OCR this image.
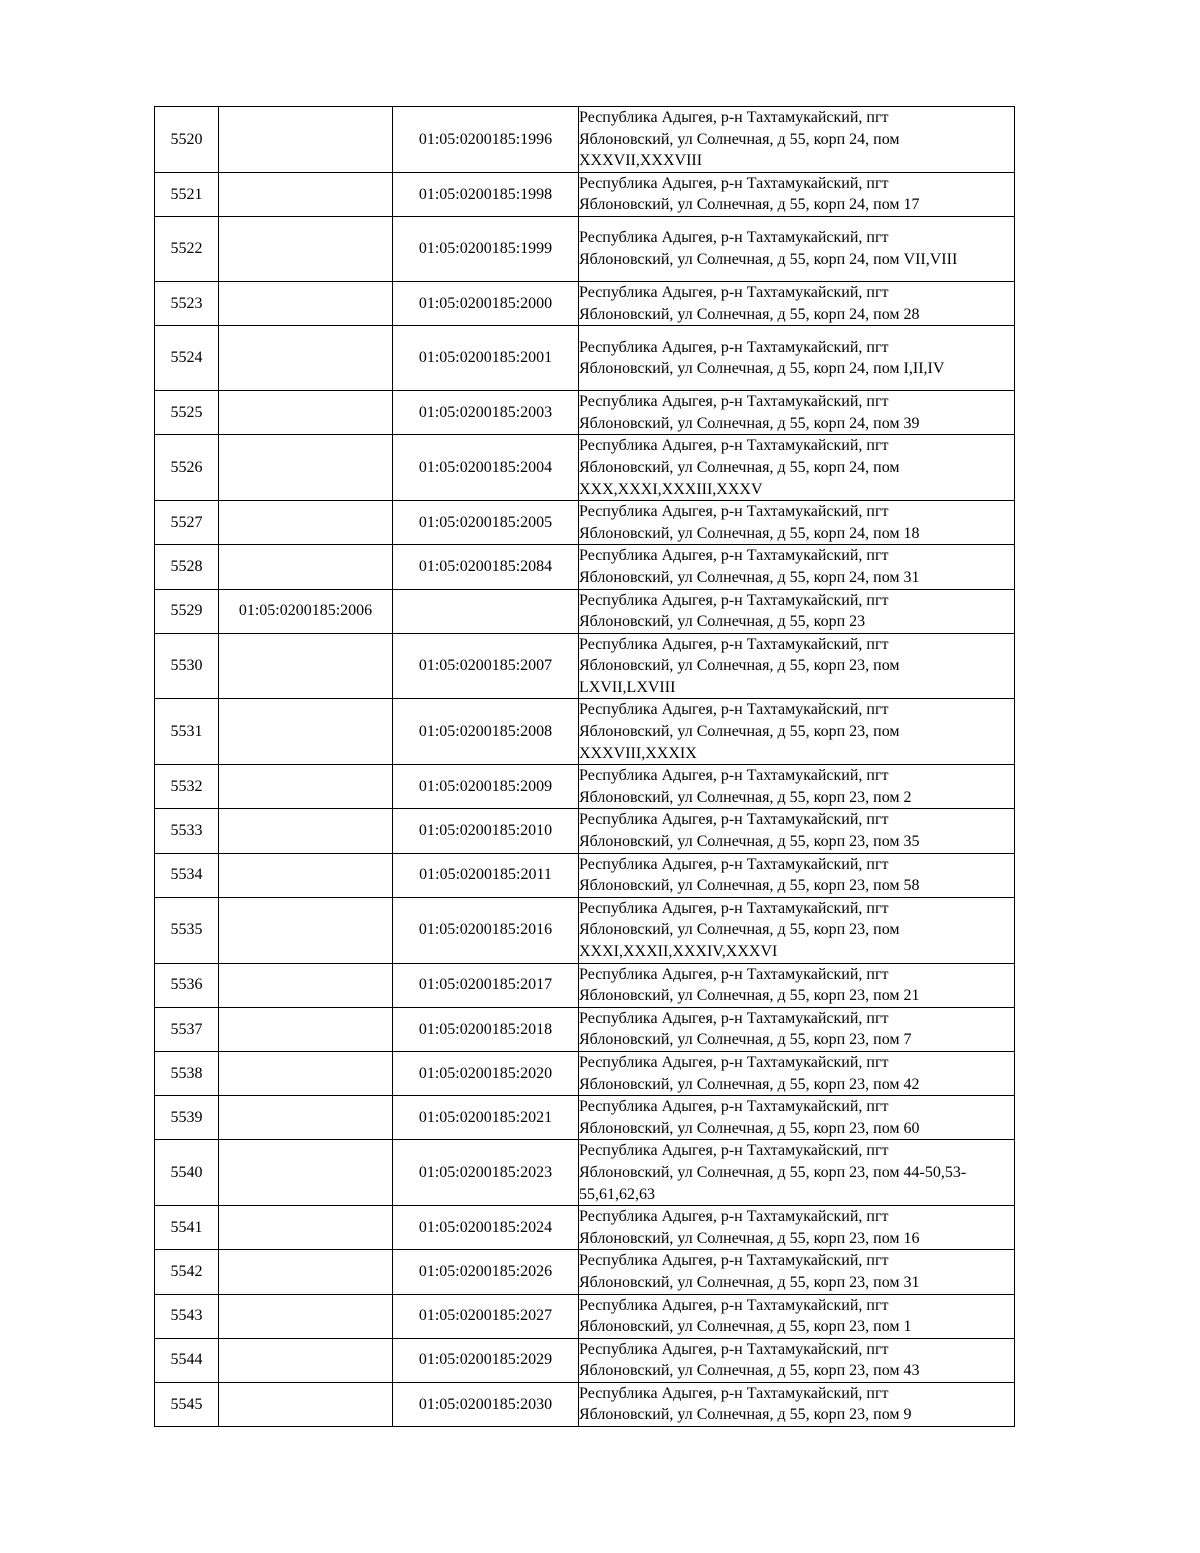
5520		01:05:0200185:1996	Республика Адыгея, р-н Тахтамукайский, пгт
Яблоновский, ул Солнечная, д 55, корп 24, пом
XXXVII,XXXVIII

5521		01:05:0200185:1998	Республика Адыгея, р-н Тахтамукайский, пгт
Яблоновский, ул Солнечная, д 55, корп 24, пом 17

5522		01:05:0200185:1999	Республика Адыгея, р-н Тахтамукайский, пгт
Яблоновский, ул Солнечная, д 55, корп 24, пом VII,VIII

5523		01:05:0200185:2000	Республика Адыгея, р-н Тахтамукайский, пгт
Яблоновский, ул Солнечная, д 55, корп 24, пом 28

5524		01:05:0200185:2001	Республика Адыгея, р-н Тахтамукайский, пгт
Яблоновский, ул Солнечная, д 55, корп 24, пом I,II,IV

5525		01:05:0200185:2003	Республика Адыгея, р-н Тахтамукайский, пгт
Яблоновский, ул Солнечная, д 55, корп 24, пом 39

5526		01:05:0200185:2004	Республика Адыгея, р-н Тахтамукайский, пгт
Яблоновский, ул Солнечная, д 55, корп 24, пом
XXX,XXXI,XXXIII,XXXV

5527		01:05:0200185:2005	Республика Адыгея, р-н Тахтамукайский, пгт
Яблоновский, ул Солнечная, д 55, корп 24, пом 18

5528		01:05:0200185:2084	Республика Адыгея, р-н Тахтамукайский, пгт
Яблоновский, ул Солнечная, д 55, корп 24, пом 31

5529	01:05:0200185:2006		Республика Адыгея, р-н Тахтамукайский, пгт
Яблоновский, ул Солнечная, д 55, корп 23

5530		01:05:0200185:2007	Республика Адыгея, р-н Тахтамукайский, пгт
Яблоновский, ул Солнечная, д 55, корп 23, пом
LXVII,LXVIII

5531		01:05:0200185:2008	Республика Адыгея, р-н Тахтамукайский, пгт
Яблоновский, ул Солнечная, д 55, корп 23, пом
XXXVIII,XXXIX

5532		01:05:0200185:2009	Республика Адыгея, р-н Тахтамукайский, пгт
Яблоновский, ул Солнечная, д 55, корп 23, пом 2

5533		01:05:0200185:2010	Республика Адыгея, р-н Тахтамукайский, пгт
Яблоновский, ул Солнечная, д 55, корп 23, пом 35

5534		01:05:0200185:2011	Республика Адыгея, р-н Тахтамукайский, пгт
Яблоновский, ул Солнечная, д 55, корп 23, пом 58

5535		01:05:0200185:2016	Республика Адыгея, р-н Тахтамукайский, пгт
Яблоновский, ул Солнечная, д 55, корп 23, пом
XXXI,XXXII,XXXIV,XXXVI

5536		01:05:0200185:2017	Республика Адыгея, р-н Тахтамукайский, пгт
Яблоновский, ул Солнечная, д 55, корп 23, пом 21

5537		01:05:0200185:2018	Республика Адыгея, р-н Тахтамукайский, пгт
Яблоновский, ул Солнечная, д 55, корп 23, пом 7

5538		01:05:0200185:2020	Республика Адыгея, р-н Тахтамукайский, пгт
Яблоновский, ул Солнечная, д 55, корп 23, пом 42

5539		01:05:0200185:2021	Республика Адыгея, р-н Тахтамукайский, пгт
Яблоновский, ул Солнечная, д 55, корп 23, пом 60

5540		01:05:0200185:2023	Республика Адыгея, р-н Тахтамукайский, пгт
Яблоновский, ул Солнечная, д 55, корп 23, пом 44-50,53-
55,61,62,63

5541		01:05:0200185:2024	Республика Адыгея, р-н Тахтамукайский, пгт
Яблоновский, ул Солнечная, д 55, корп 23, пом 16

5542		01:05:0200185:2026	Республика Адыгея, р-н Тахтамукайский, пгт
Яблоновский, ул Солнечная, д 55, корп 23, пом 31

5543		01:05:0200185:2027	Республика Адыгея, р-н Тахтамукайский, пгт
Яблоновский, ул Солнечная, д 55, корп 23, пом 1

5544		01:05:0200185:2029	Республика Адыгея, р-н Тахтамукайский, пгт
Яблоновский, ул Солнечная, д 55, корп 23, пом 43

5545		01:05:0200185:2030	Республика Адыгея, р-н Тахтамукайский, пгт
Яблоновский, ул Солнечная, д 55, корп 23, пом 9
